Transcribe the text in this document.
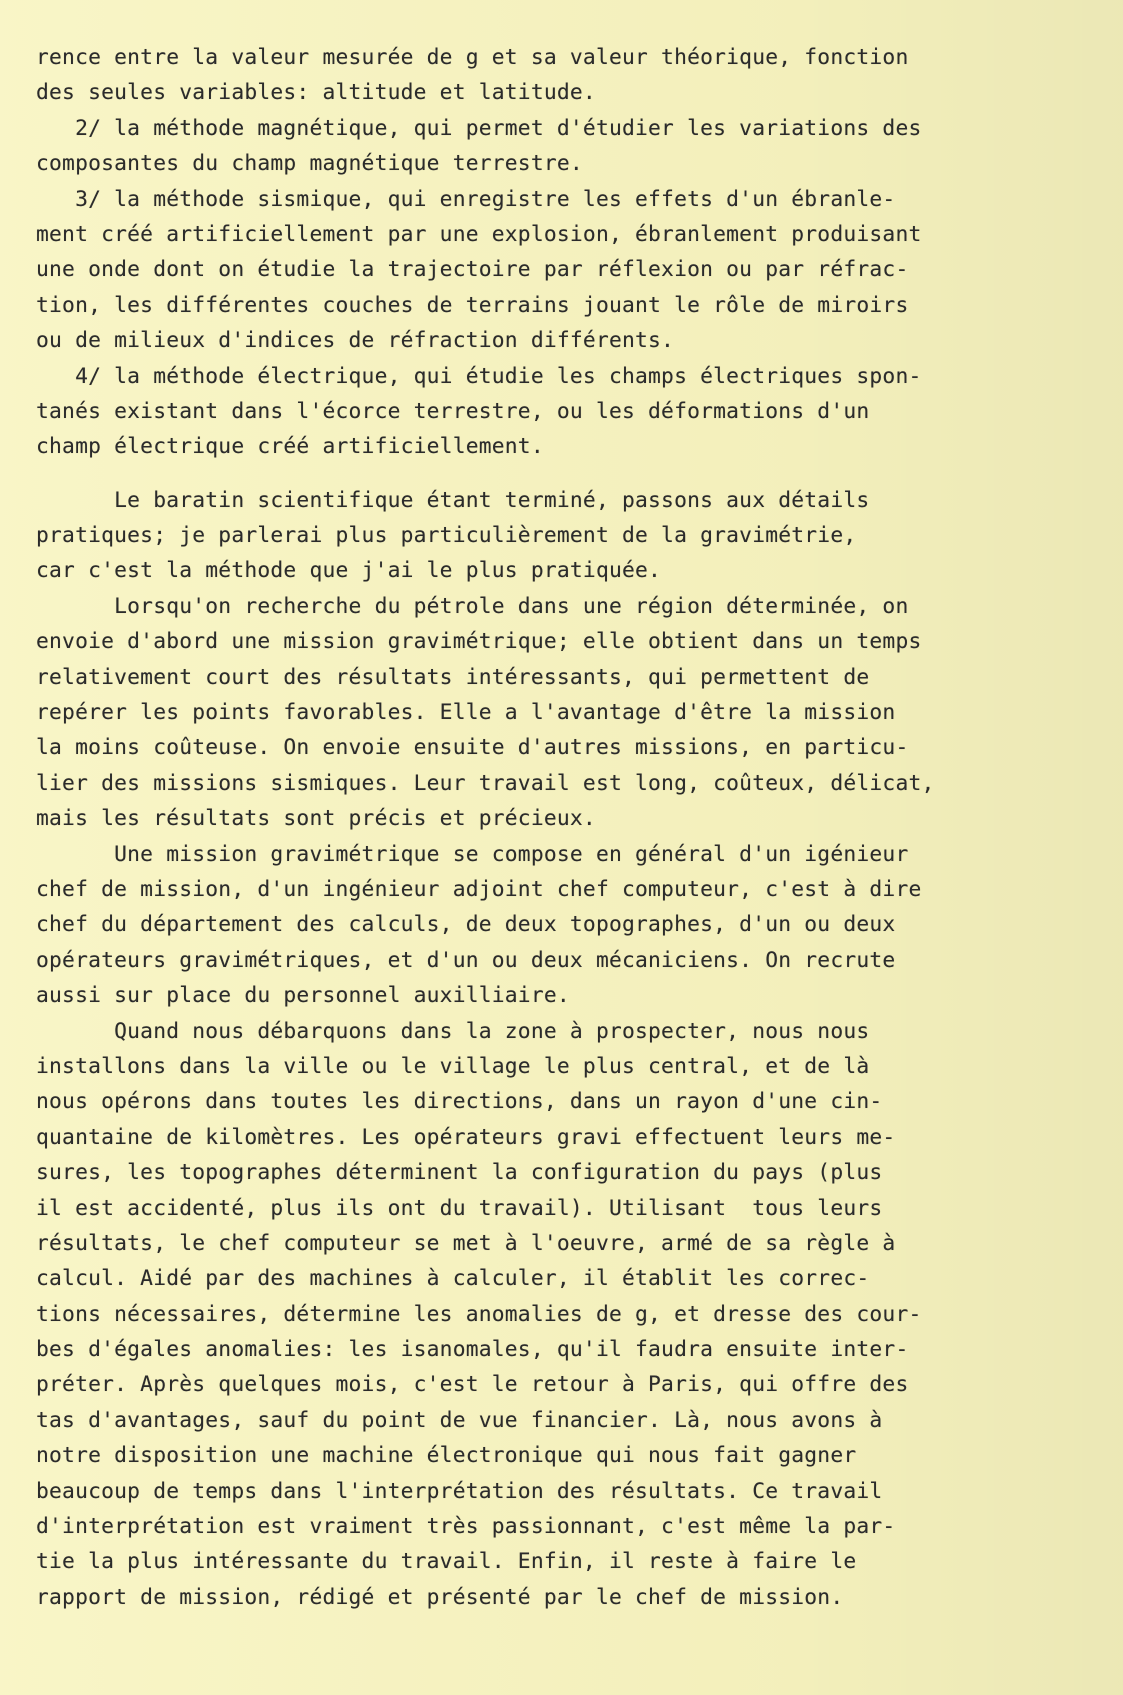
rence entre la valeur mesurée de g et sa valeur théorique, fonction
des seules variables: altitude et latitude.
2/ la méthode magnétique, qui permet d'étudier les variations des
composantes du champ magnétique terrestre.
3/ la méthode sismique, qui enregistre les effets d'un ébranle-
ment créé artificiellement par une explosion, ébranlement produisant
une onde dont on étudie la trajectoire par réflexion ou par réfrac-
tion, les différentes couches de terrains jouant le rôle de miroirs
ou de milieux d'indices de réfraction différents.
4/ la méthode électrique, qui étudie les champs électriques spon-
tanés existant dans l'écorce terrestre, ou les déformations d'un
champ électrique créé artificiellement.
Le baratin scientifique étant terminé, passons aux détails
pratiques; je parlerai plus particulièrement de la gravimétrie,
car c'est la méthode que j'ai le plus pratiquée.
Lorsqu'on recherche du pétrole dans une région déterminée, on
envoie d'abord une mission gravimétrique; elle obtient dans un temps
relativement court des résultats intéressants, qui permettent de
repérer les points favorables. Elle a l'avantage d'être la mission
la moins coûteuse. On envoie ensuite d'autres missions, en particu-
lier des missions sismiques. Leur travail est long, coûteux, délicat,
mais les résultats sont précis et précieux.
Une mission gravimétrique se compose en général d'un igénieur
chef de mission, d'un ingénieur adjoint chef computeur, c'est à dire
chef du département des calculs, de deux topographes, d'un ou deux
opérateurs gravimétriques, et d'un ou deux mécaniciens. On recrute
aussi sur place du personnel auxilliaire.
Quand nous débarquons dans la zone à prospecter, nous nous
installons dans la ville ou le village le plus central, et de là
nous opérons dans toutes les directions, dans un rayon d'une cin-
quantaine de kilomètres. Les opérateurs gravi effectuent leurs me-
sures, les topographes déterminent la configuration du pays (plus
il est accidenté, plus ils ont du travail). Utilisant  tous leurs
résultats, le chef computeur se met à l'oeuvre, armé de sa règle à
calcul. Aidé par des machines à calculer, il établit les correc-
tions nécessaires, détermine les anomalies de g, et dresse des cour-
bes d'égales anomalies: les isanomales, qu'il faudra ensuite inter-
préter. Après quelques mois, c'est le retour à Paris, qui offre des
tas d'avantages, sauf du point de vue financier. Là, nous avons à
notre disposition une machine électronique qui nous fait gagner
beaucoup de temps dans l'interprétation des résultats. Ce travail
d'interprétation est vraiment très passionnant, c'est même la par-
tie la plus intéressante du travail. Enfin, il reste à faire le
rapport de mission, rédigé et présenté par le chef de mission.
